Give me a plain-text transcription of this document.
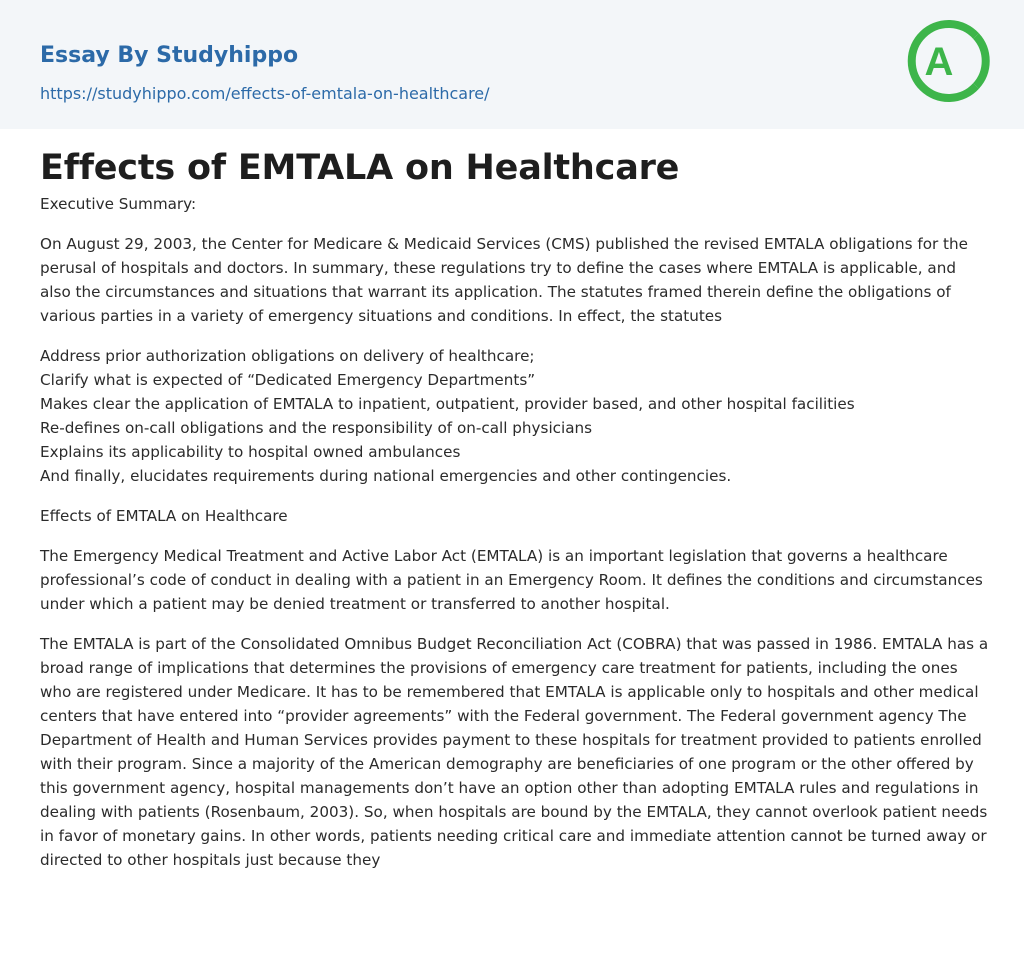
Essay By Studyhippo
https://studyhippo.com/effects-of-emtala-on-healthcare/
A
Effects of EMTALA on Healthcare

Executive Summary:

On August 29, 2003, the Center for Medicare & Medicaid Services (CMS) published the revised EMTALA obligations for the perusal of hospitals and doctors. In summary, these regulations try to define the cases where EMTALA is applicable, and also the circumstances and situations that warrant its application. The statutes framed therein define the obligations of various parties in a variety of emergency situations and conditions. In effect, the statutes

Address prior authorization obligations on delivery of healthcare;
Clarify what is expected of “Dedicated Emergency Departments”
Makes clear the application of EMTALA to inpatient, outpatient, provider based, and other hospital facilities
Re-defines on-call obligations and the responsibility of on-call physicians
Explains its applicability to hospital owned ambulances
And finally, elucidates requirements during national emergencies and other contingencies.

Effects of EMTALA on Healthcare

The Emergency Medical Treatment and Active Labor Act (EMTALA) is an important legislation that governs a healthcare professional’s code of conduct in dealing with a patient in an Emergency Room. It defines the conditions and circumstances under which a patient may be denied treatment or transferred to another hospital.

The EMTALA is part of the Consolidated Omnibus Budget Reconciliation Act (COBRA) that was passed in 1986. EMTALA has a broad range of implications that determines the provisions of emergency care treatment for patients, including the ones who are registered under Medicare. It has to be remembered that EMTALA is applicable only to hospitals and other medical centers that have entered into “provider agreements” with the Federal government. The Federal government agency The Department of Health and Human Services provides payment to these hospitals for treatment provided to patients enrolled with their program. Since a majority of the American demography are beneficiaries of one program or the other offered by this government agency, hospital managements don’t have an option other than adopting EMTALA rules and regulations in dealing with patients (Rosenbaum, 2003). So, when hospitals are bound by the EMTALA, they cannot overlook patient needs in favor of monetary gains. In other words, patients needing critical care and immediate attention cannot be turned away or directed to other hospitals just because they
